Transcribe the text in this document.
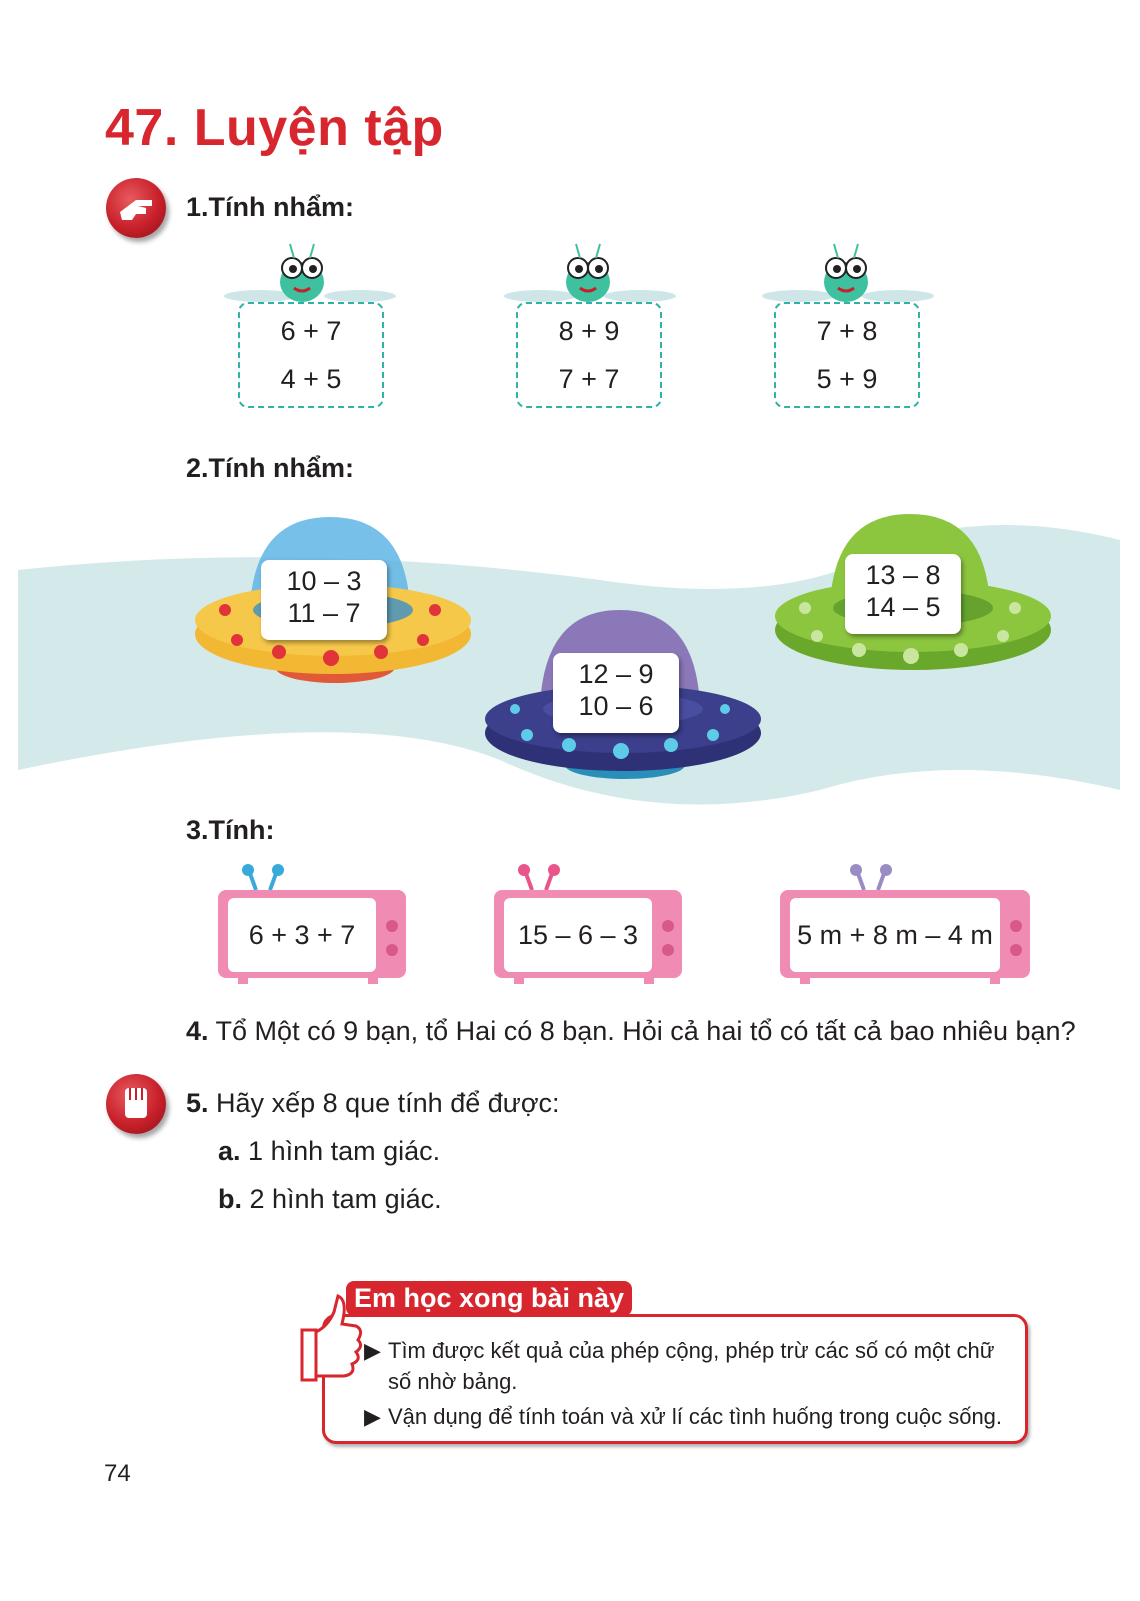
47. Luyện tập
1.Tính nhẩm:
6 + 7
4 + 5
8 + 9
7 + 7
7 + 8
5 + 9
2.Tính nhẩm:
10 – 3
11 – 7
12 – 9
10 – 6
13 – 8
14 – 5
3.Tính:
6 + 3 + 7	15 – 6 – 3	5 m + 8 m – 4 m
4. Tổ Một có 9 bạn, tổ Hai có 8 bạn. Hỏi cả hai tổ có tất cả bao nhiêu bạn?
5. Hãy xếp 8 que tính để được:
a. 1 hình tam giác.
b. 2 hình tam giác.
Em học xong bài này
▶ Tìm được kết quả của phép cộng, phép trừ các số có một chữ số nhờ bảng.
▶ Vận dụng để tính toán và xử lí các tình huống trong cuộc sống.
74
